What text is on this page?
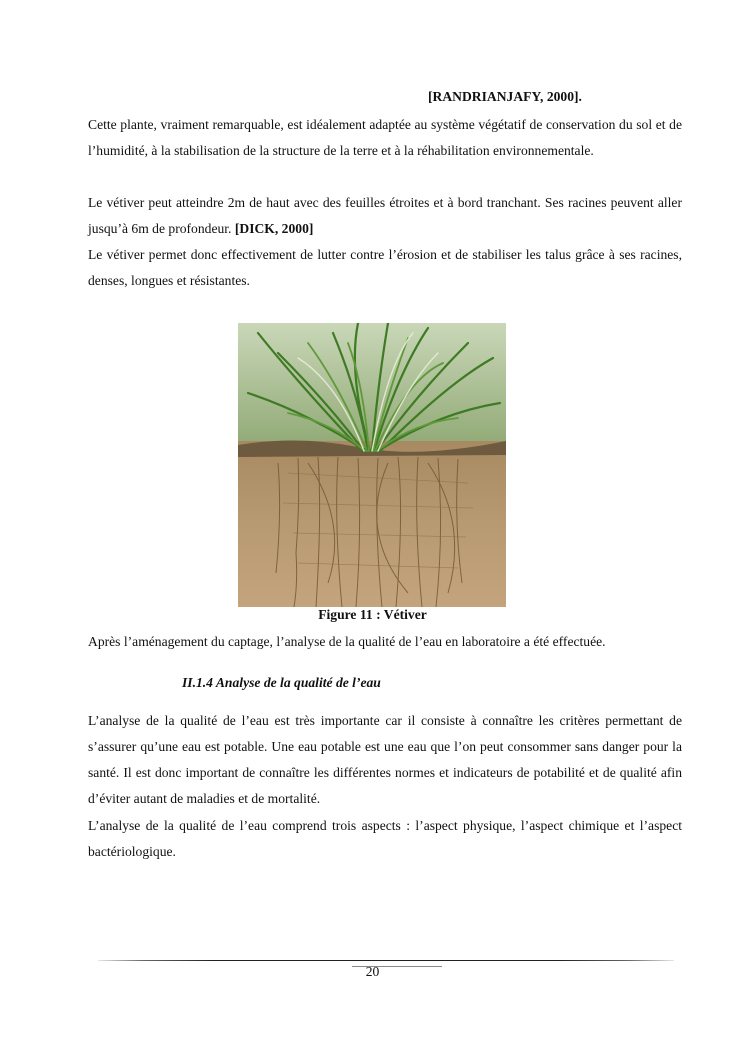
[RANDRIANJAFY, 2000].
Cette plante, vraiment remarquable, est idéalement adaptée au système végétatif de conservation du sol et de l’humidité, à la stabilisation de la structure de la terre et à la réhabilitation environnementale.
Le vétiver peut atteindre 2m de haut avec des feuilles étroites et à bord tranchant. Ses racines peuvent aller jusqu’à 6m de profondeur. [DICK, 2000]
Le vétiver permet donc effectivement de lutter contre l’érosion et de stabiliser les talus grâce à ses racines, denses, longues et résistantes.
Figure 11 : Vétiver
Après l’aménagement du captage, l’analyse de la qualité de l’eau en laboratoire a été effectuée.
II.1.4 Analyse de la qualité de l’eau
L’analyse de la qualité de l’eau est très importante car il consiste à connaître les critères permettant de s’assurer qu’une eau est potable. Une eau potable est une eau que l’on peut consommer sans danger pour la santé. Il est donc important de connaître les différentes normes et indicateurs de potabilité et de qualité afin d’éviter autant de maladies et de mortalité.
L’analyse de la qualité de l’eau comprend trois aspects : l’aspect physique, l’aspect chimique et l’aspect bactériologique.
20
